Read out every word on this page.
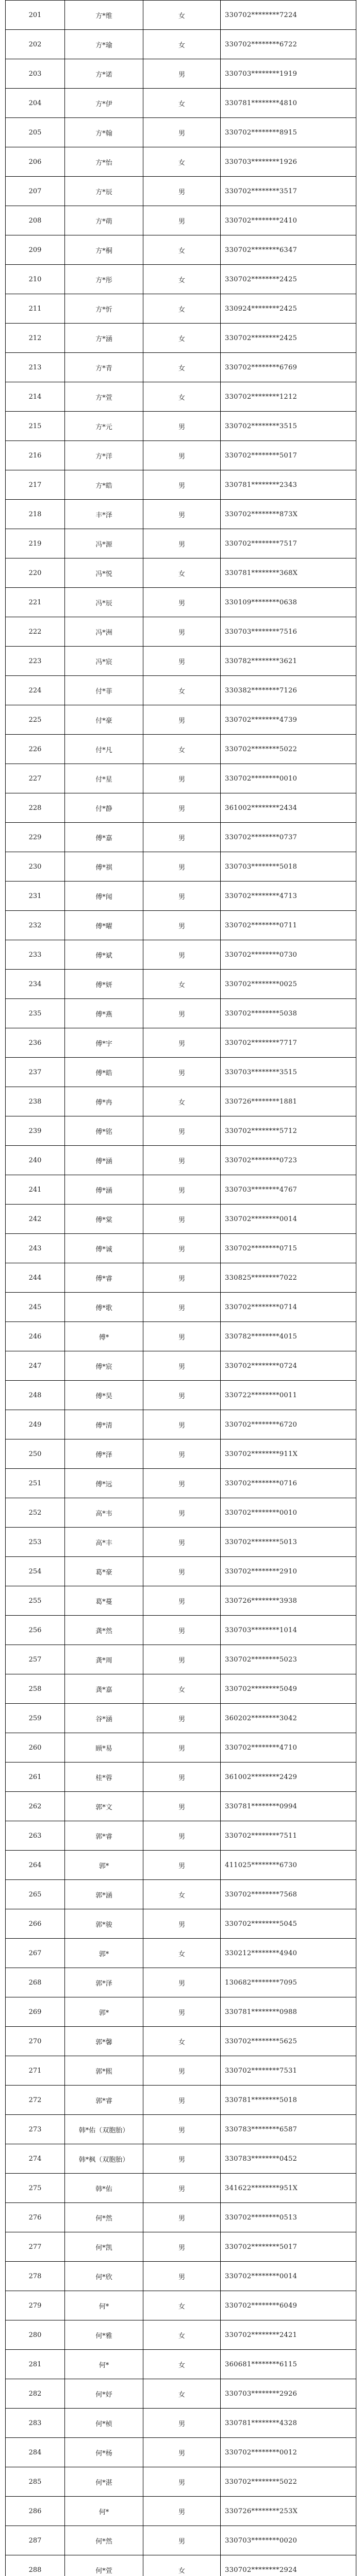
201	方*维	女	330702********7224
202	方*瑜	女	330702********6722
203	方*诺	男	330703********1919
204	方*伊	女	330781********4810
205	方*翰	男	330702********8915
206	方*怡	女	330703********1926
207	方*辰	男	330702********3517
208	方*萌	男	330702********2410
209	方*桐	女	330702********6347
210	方*彤	女	330702********2425
211	方*忻	女	330924********2425
212	方*涵	女	330702********2425
213	方*青	女	330702********6769
214	方*萱	女	330702********1212
215	方*元	男	330702********3515
216	方*洋	男	330702********5017
217	方*皓	男	330781********2343
218	丰*泽	男	330702********873X
219	冯*源	男	330702********7517
220	冯*悦	女	330781********368X
221	冯*辰	男	330109********0638
222	冯*洲	男	330703********7516
223	冯*宸	男	330782********3621
224	付*菲	女	330382********7126
225	付*豪	男	330702********4739
226	付*凡	女	330702********5022
227	付*星	男	330702********0010
228	付*静	男	361002********2434
229	傅*嘉	男	330702********0737
230	傅*祺	男	330703********5018
231	傅*闻	男	330702********4713
232	傅*曜	男	330702********0711
233	傅*斌	男	330702********0730
234	傅*妍	女	330702********0025
235	傅*燕	男	330702********5038
236	傅*宇	男	330702********7717
237	傅*皓	男	330703********3515
238	傅*冉	女	330726********1881
239	傅*铭	男	330702********5712
240	傅*涵	男	330702********0723
241	傅*涵	男	330703********4767
242	傅*棠	男	330702********0014
243	傅*诚	男	330702********0715
244	傅*睿	男	330825********7022
245	傅*歌	男	330702********0714
246	傅*	男	330782********4015
247	傅*宸	男	330702********0724
248	傅*昊	男	330722********0011
249	傅*清	男	330702********6720
250	傅*泽	男	330702********911X
251	傅*远	男	330702********0716
252	高*韦	男	330702********0010
253	高*丰	男	330702********5013
254	葛*豪	男	330702********2910
255	葛*蔓	男	330726********3938
256	龚*然	男	330703********1014
257	龚*周	男	330702********5023
258	龚*嘉	女	330702********5049
259	谷*涵	男	360202********3042
260	顾*易	男	330702********4710
261	桂*蓉	男	361002********2429
262	郭*文	男	330781********0994
263	郭*睿	男	330702********7511
264	郭*	男	411025********6730
265	郭*涵	女	330702********7568
266	郭*骏	男	330702********5045
267	郭*	女	330212********4940
268	郭*泽	男	130682********7095
269	郭*	男	330781********0988
270	郭*馨	女	330702********5625
271	郭*熙	男	330702********7531
272	郭*睿	男	330781********5018
273	韩*佑（双胞胎）	男	330783********6587
274	韩*枫（双胞胎）	男	330783********0452
275	韩*佑	男	341622********951X
276	何*然	男	330702********0513
277	何*凯	男	330702********5017
278	何*欣	男	330702********0014
279	何*	女	330702********6049
280	何*雅	女	330702********2421
281	何*	女	360681********6115
282	何*妤	女	330703********2926
283	何*桢	男	330781********4328
284	何*杨	男	330702********0012
285	何*湛	男	330702********5022
286	何*	男	330726********253X
287	何*然	男	330703********0020
288	何*萱	女	330702********2924
